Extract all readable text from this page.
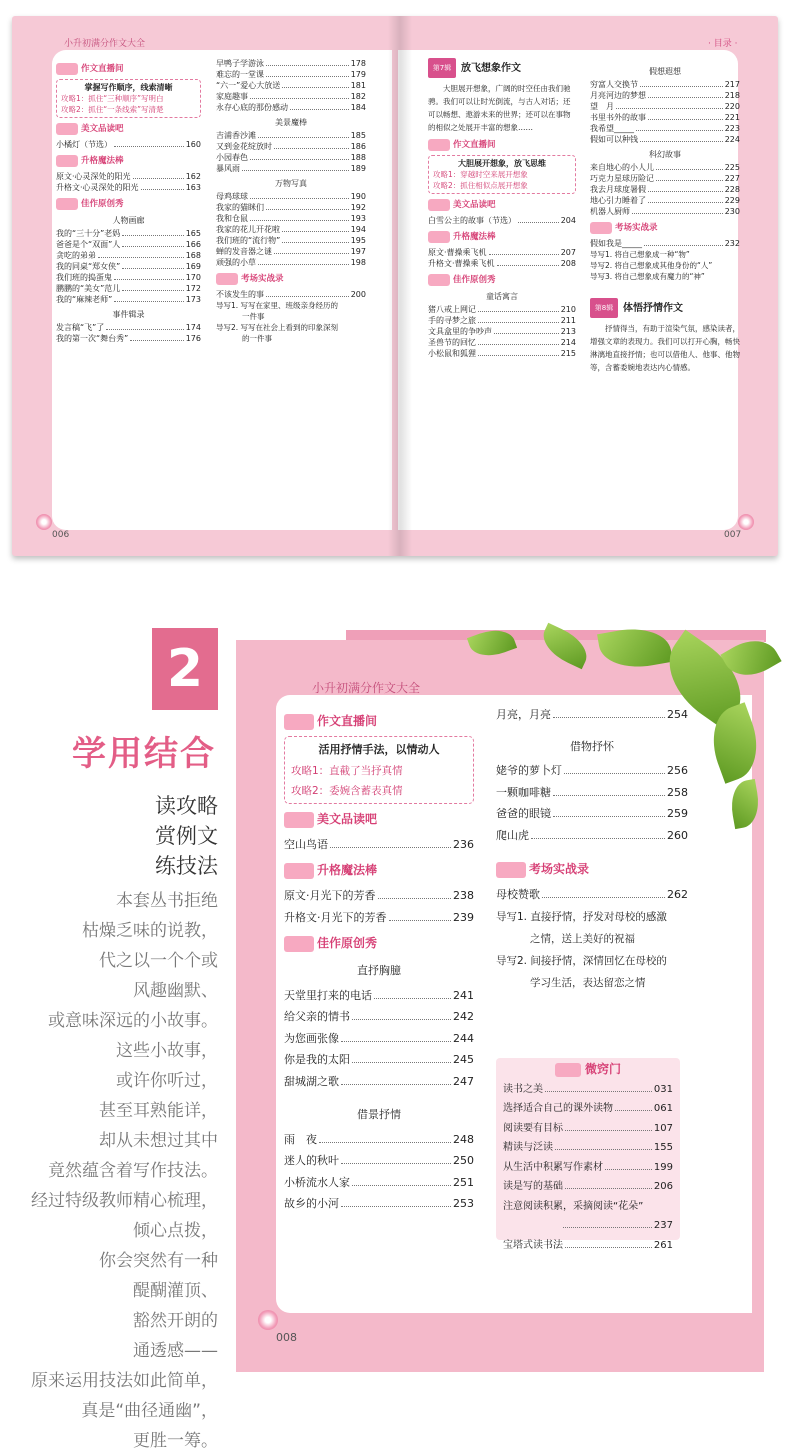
小升初满分作文大全	· 目录 ·
006	007
作文直播间
掌握写作顺序，线索清晰
攻略1：抓住“三种顺序”写明白
攻略2：抓住“一条线索”写清楚
美文品读吧
小橘灯（节选）	160
升格魔法棒
原文·心灵深处的阳光	162
升格文·心灵深处的阳光	163
佳作原创秀
人物画廊
我的“三十分”老妈	165
爸爸是个“双面”人	166
贪吃的弟弟	168
我的同桌“郑女侠”	169
我们班的捣蛋鬼	170
鹏鹏的“美女”范儿	172
我的“麻辣老师”	173
事件辑录
发言稿“飞”了	174
我的第一次“舞台秀”	176
早鸭子学游泳	178
难忘的一堂课	179
“六一”爱心大放送	181
家庭趣事	182
永存心底的那份感动	184
美景魔棒
吉浦香沙滩	185
又到金花绽放时	186
小园春色	188
暴风雨	189
万物写真
母鸡球球	190
我家的猫眯们	192
我和仓鼠	193
我家的花儿开花啦	194
我们班的“流行物”	195
蝉的发音器之谜	197
顽强的小草	198
考场实战录
不该发生的事	200
导写1. 写写在家里、班级亲身经历的
一件事
导写2. 写写在社会上看到的印象深刻
的一件事
第7辑 放飞想象作文
大胆展开想象，广阔的时空任由我们驰骋。我们可以让时光倒流，与古人对话；还可以畅想、遨游未来的世界；还可以在事物的相似之处展开丰富的想象……
作文直播间
大胆展开想象，放飞思维
攻略1：穿越时空来展开想象
攻略2：抓住相似点展开想象
美文品读吧
白雪公主的故事（节选）	204
升格魔法棒
原文·曹操乘飞机	207
升格文·曹操乘飞机	208
佳作原创秀
童话寓言
猪八戒上网记	210
手的寻梦之旅	211
文具盒里的争吵声	213
圣兽节的回忆	214
小松鼠和狐狸	215
假想遐想
穷富人交换节	217
月亮河边的梦想	218
望　月	220
书里书外的故事	221
我希望_____	223
假如可以种钱	224
科幻故事
来自地心的小人儿	225
巧克力星球历险记	227
我去月球度暑假	228
地心引力睡着了	229
机器人厨师	230
考场实战录
假如我是_____	232
导写1. 将自己想象成一种“物”
导写2. 将自己想象成其他身份的“人”
导写3. 将自己想象成有魔力的“神”
第8辑 体悟抒情作文
抒情得当，有助于渲染气氛，感染读者，增强文章的表现力。我们可以打开心胸，畅快淋漓地直接抒情；也可以借他人、他事、他物等，含蓄委婉地表达内心情感。
2
学用结合
读攻略
赏例文
练技法
本套丛书拒绝
枯燥乏味的说教，
代之以一个个或
风趣幽默、
或意味深远的小故事。
这些小故事，
或许你听过，
甚至耳熟能详，
却从未想过其中
竟然蕴含着写作技法。
经过特级教师精心梳理，
倾心点拨，
你会突然有一种
醍醐灌顶、
豁然开朗的
通透感——
原来运用技法如此简单，
真是“曲径通幽”，
更胜一筹。
小升初满分作文大全
作文直播间
活用抒情手法，以情动人
攻略1：直截了当抒真情
攻略2：委婉含蓄表真情
美文品读吧
空山鸟语	236
升格魔法棒
原文·月光下的芳香	238
升格文·月光下的芳香	239
佳作原创秀
直抒胸臆
天堂里打来的电话	241
给父亲的情书	242
为您画张像	244
你是我的太阳	245
甜城湖之歌	247
借景抒情
雨　夜	248
迷人的秋叶	250
小桥流水人家	251
故乡的小河	253
月亮，月亮	254
借物抒怀
姥爷的萝卜灯	256
一颗咖啡糖	258
爸爸的眼镜	259
爬山虎	260
考场实战录
母校赞歌	262
导写1. 直接抒情，抒发对母校的感激
之情，送上美好的祝福
导写2. 间接抒情，深情回忆在母校的
学习生活，表达留恋之情
微窍门
读书之美	031
选择适合自己的课外读物	061
阅读要有目标	107
精读与泛读	155
从生活中积累写作素材	199
读是写的基础	206
注意阅读积累，采摘阅读“花朵”
237
宝塔式读书法	261
008
